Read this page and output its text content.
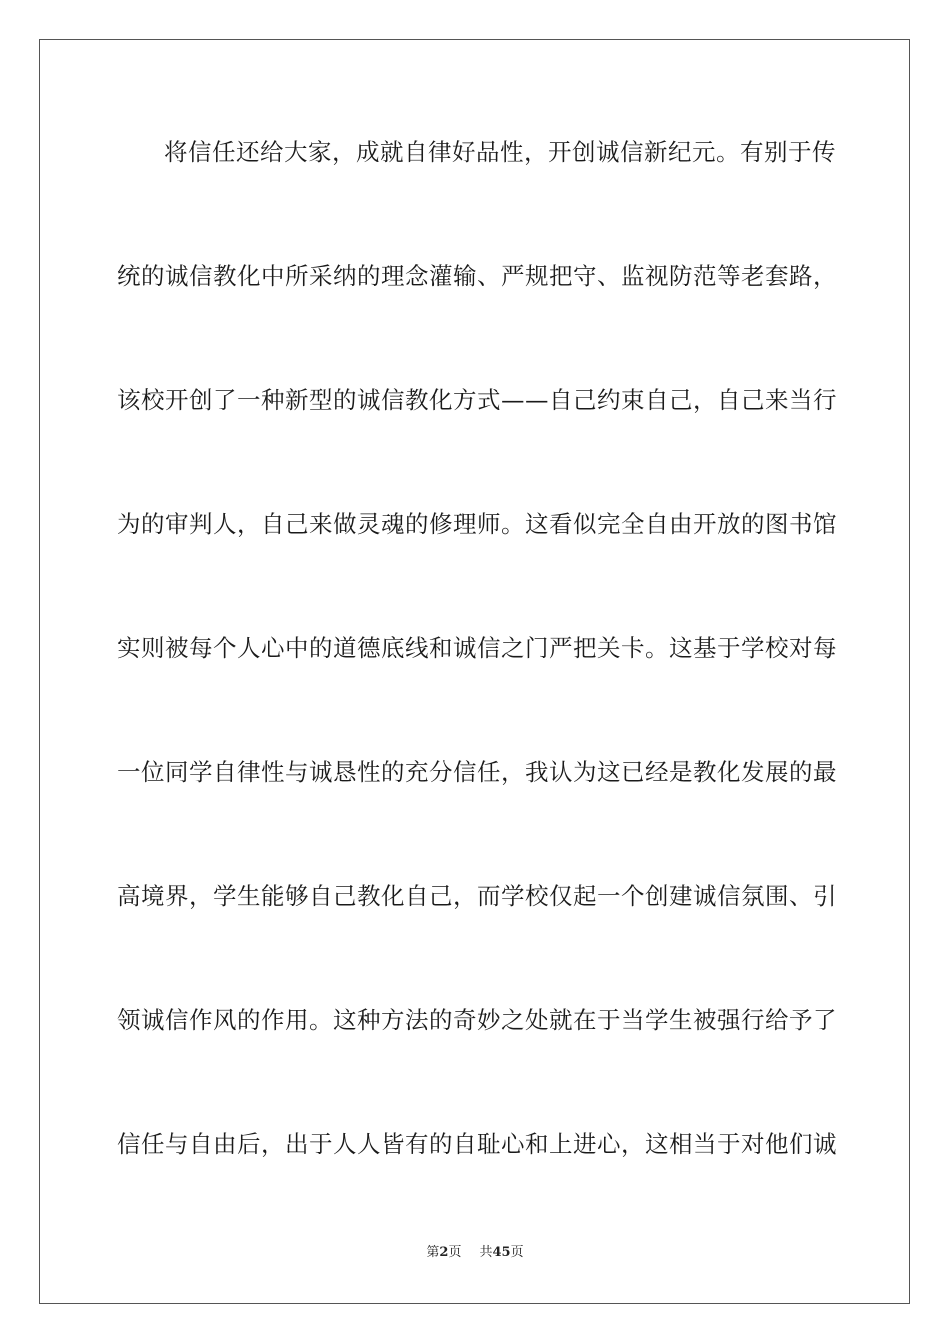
将信任还给大家，成就自律好品性，开创诚信新纪元。有别于传
统的诚信教化中所采纳的理念灌输、严规把守、监视防范等老套路，
该校开创了一种新型的诚信教化方式——自己约束自己，自己来当行
为的审判人，自己来做灵魂的修理师。这看似完全自由开放的图书馆
实则被每个人心中的道德底线和诚信之门严把关卡。这基于学校对每
一位同学自律性与诚恳性的充分信任，我认为这已经是教化发展的最
高境界，学生能够自己教化自己，而学校仅起一个创建诚信氛围、引
领诚信作风的作用。这种方法的奇妙之处就在于当学生被强行给予了
信任与自由后，出于人人皆有的自耻心和上进心，这相当于对他们诚
第2页 共45页
